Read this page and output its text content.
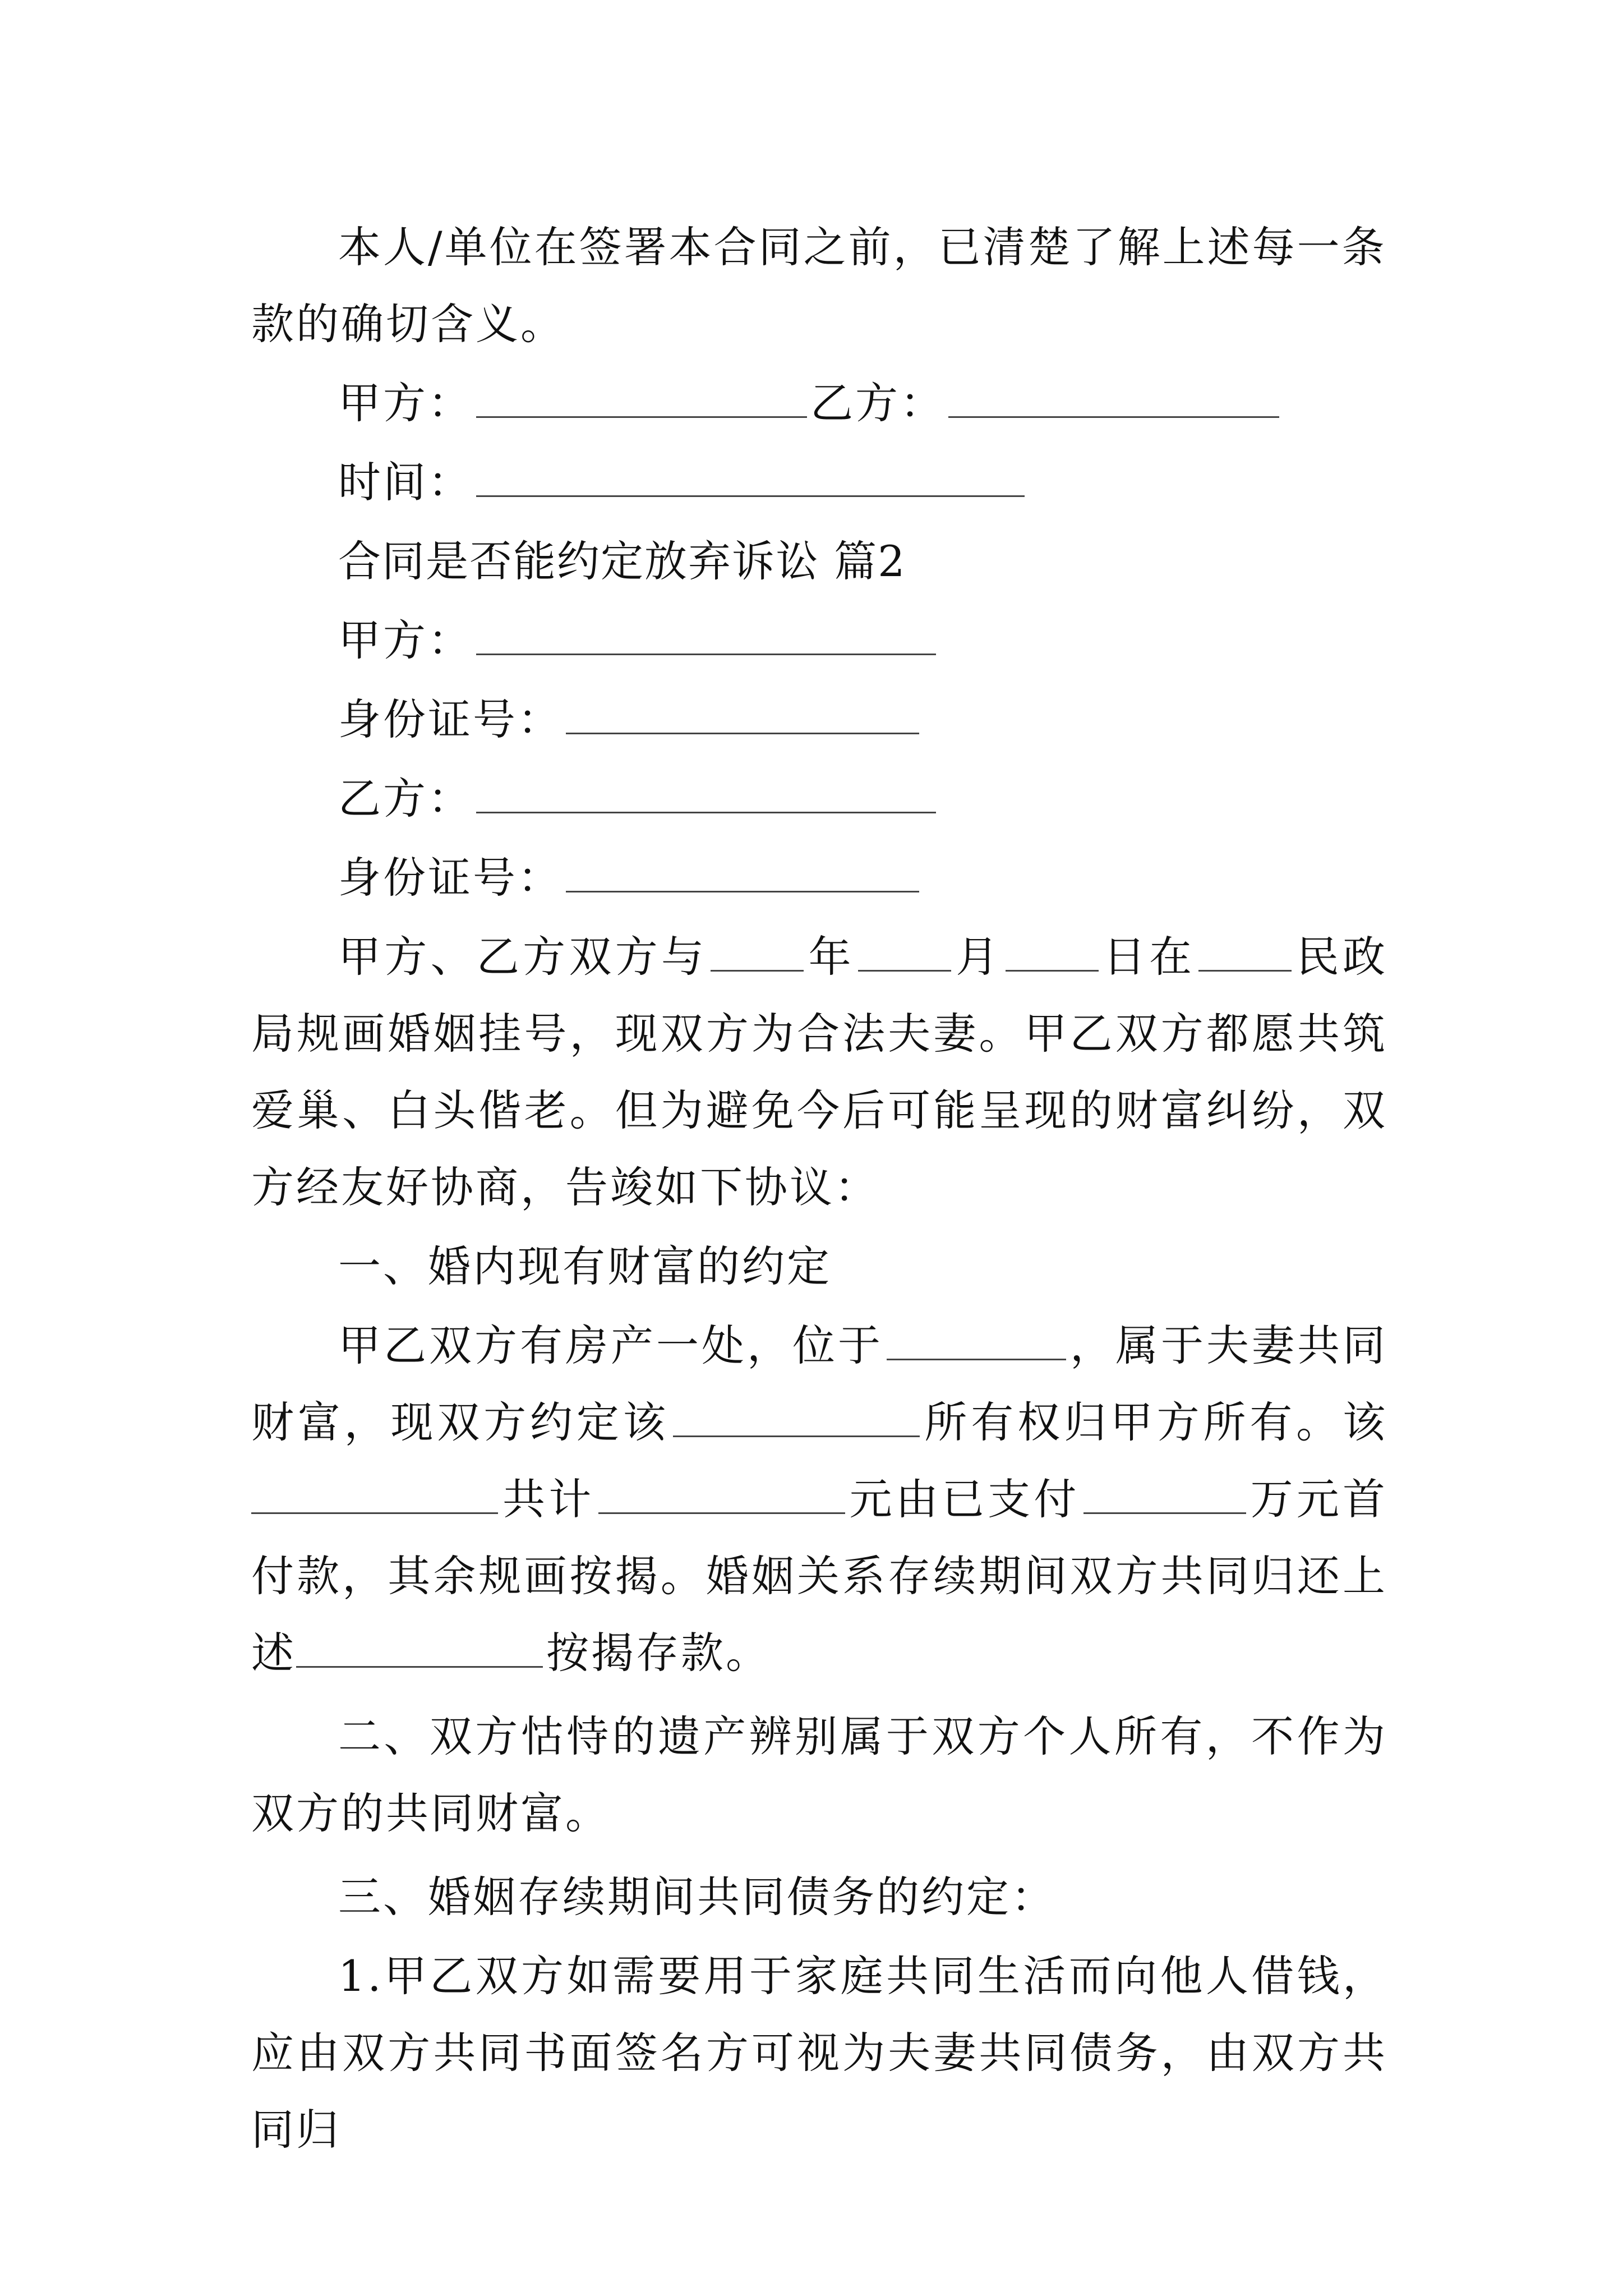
本人/单位在签署本合同之前，已清楚了解上述每一条
款的确切含义。

甲方：	乙方：

时间：

合同是否能约定放弃诉讼 篇2

甲方：

身份证号：

乙方：

身份证号：

甲方、乙方双方与 年 月 日在 民政局规画婚姻挂号，现双方为合法夫妻。甲乙双方都愿共筑爱巢、白头偕老。但为避免今后可能呈现的财富纠纷，双方经友好协商，告竣如下协议：

一、婚内现有财富的约定

甲乙双方有房产一处，位于	，属于夫妻共同财富，现双方约定该	所有权归甲方所有。该共计	元由已支付	万元首付款，其余规画按揭。婚姻关系存续期间双方共同归还上述	按揭存款。

二、双方怙恃的遗产辨别属于双方个人所有，不作为双方的共同财富。

三、婚姻存续期间共同债务的约定：

1.甲乙双方如需要用于家庭共同生活而向他人借钱，应由双方共同书面签名方可视为夫妻共同债务，由双方共同归
